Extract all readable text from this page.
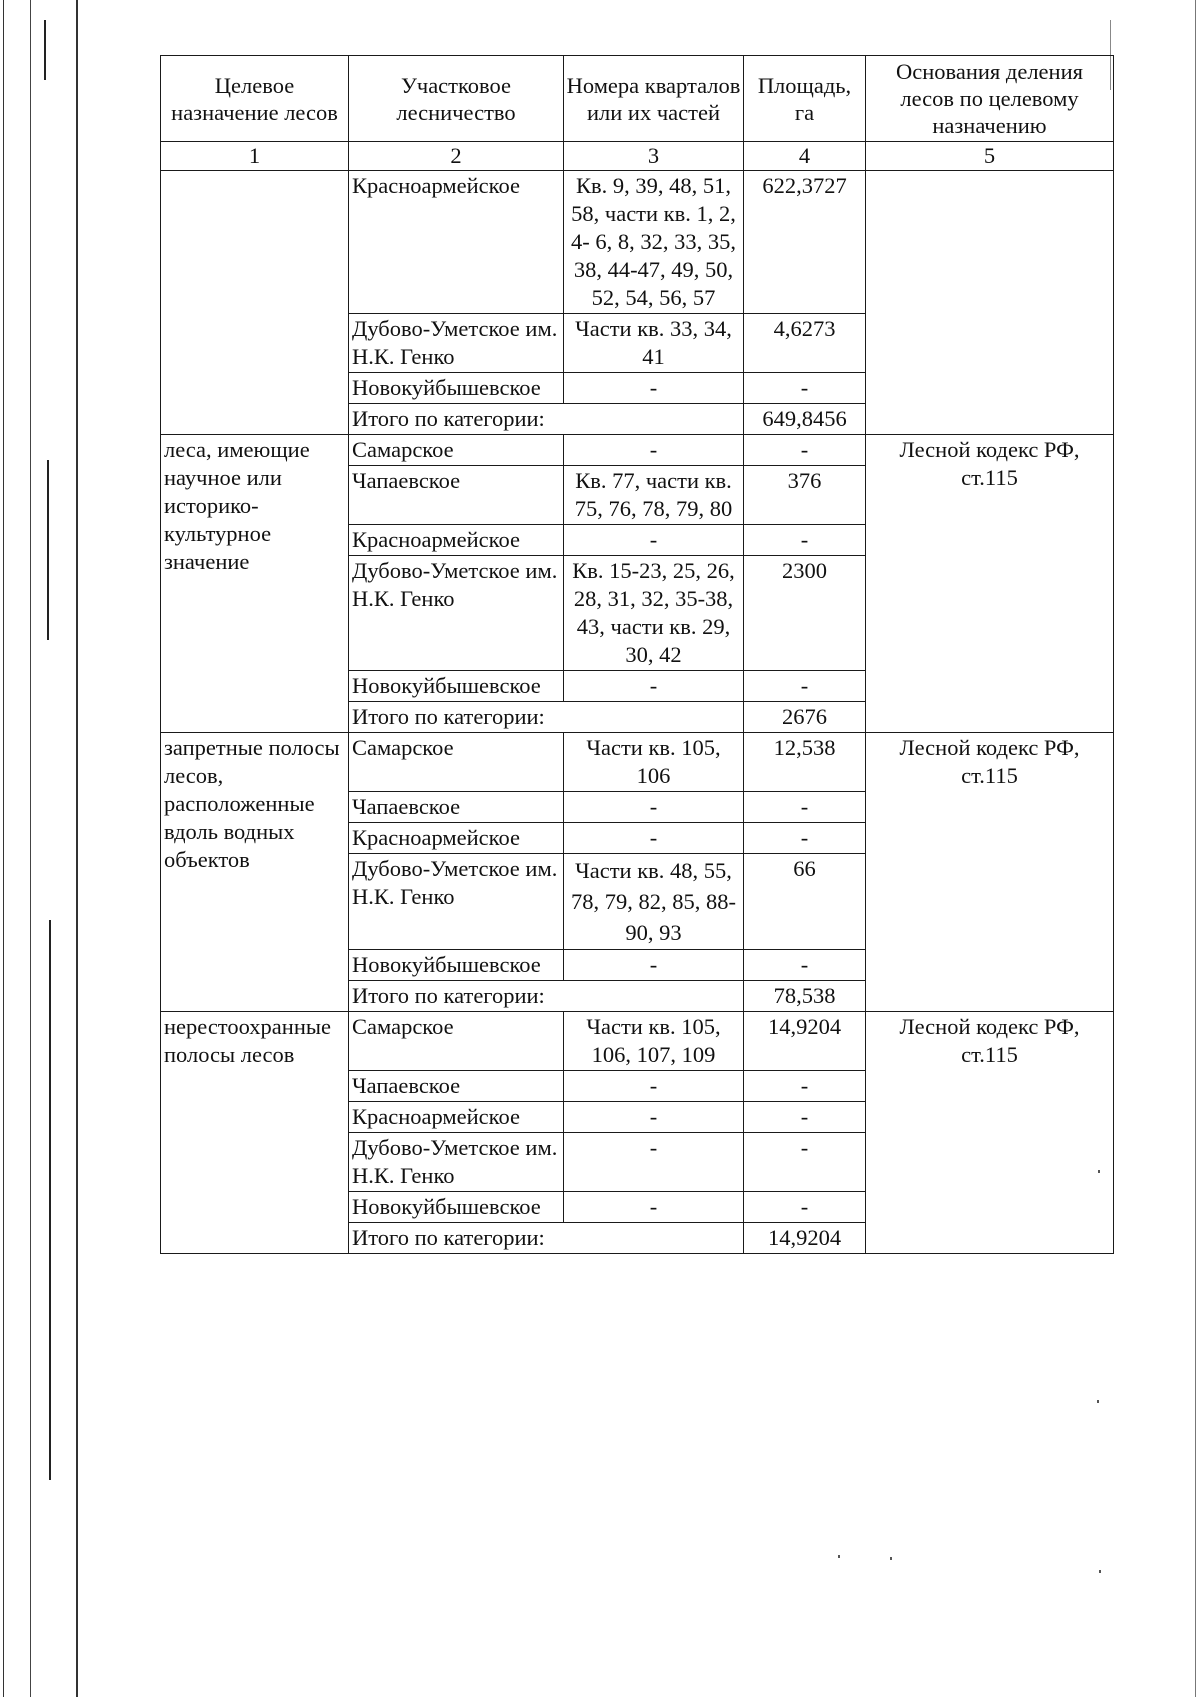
Целевое назначение лесов	Участковое лесничество	Номера кварталов или их частей	Площадь, га	Основания деления лесов по целевому назначению
1	2	3	4	5
	Красноармейское	Кв. 9, 39, 48, 51, 58, части кв. 1, 2, 4- 6, 8, 32, 33, 35, 38, 44-47, 49, 50, 52, 54, 56, 57	622,3727	
	Дубово-Уметское им. Н.К. Генко	Части кв. 33, 34, 41	4,6273	
	Новокуйбышевское	-	-	
	Итого по категории:		649,8456	
леса, имеющие научное или историко-культурное значение	Самарское	-	-	Лесной кодекс РФ, ст.115
	Чапаевское	Кв. 77, части кв. 75, 76, 78, 79, 80	376	
	Красноармейское	-	-	
	Дубово-Уметское им. Н.К. Генко	Кв. 15-23, 25, 26, 28, 31, 32, 35-38, 43, части кв. 29, 30, 42	2300	
	Новокуйбышевское	-	-	
	Итого по категории:		2676	
запретные полосы лесов, расположенные вдоль водных объектов	Самарское	Части кв. 105, 106	12,538	Лесной кодекс РФ, ст.115
	Чапаевское	-	-	
	Красноармейское	-	-	
	Дубово-Уметское им. Н.К. Генко	Части кв. 48, 55, 78, 79, 82, 85, 88-90, 93	66	
	Новокуйбышевское	-	-	
	Итого по категории:		78,538	
нерестоохранные полосы лесов	Самарское	Части кв. 105, 106, 107, 109	14,9204	Лесной кодекс РФ, ст.115
	Чапаевское	-	-	
	Красноармейское	-	-	
	Дубово-Уметское им. Н.К. Генко	-	-	
	Новокуйбышевское	-	-	
	Итого по категории:		14,9204	
